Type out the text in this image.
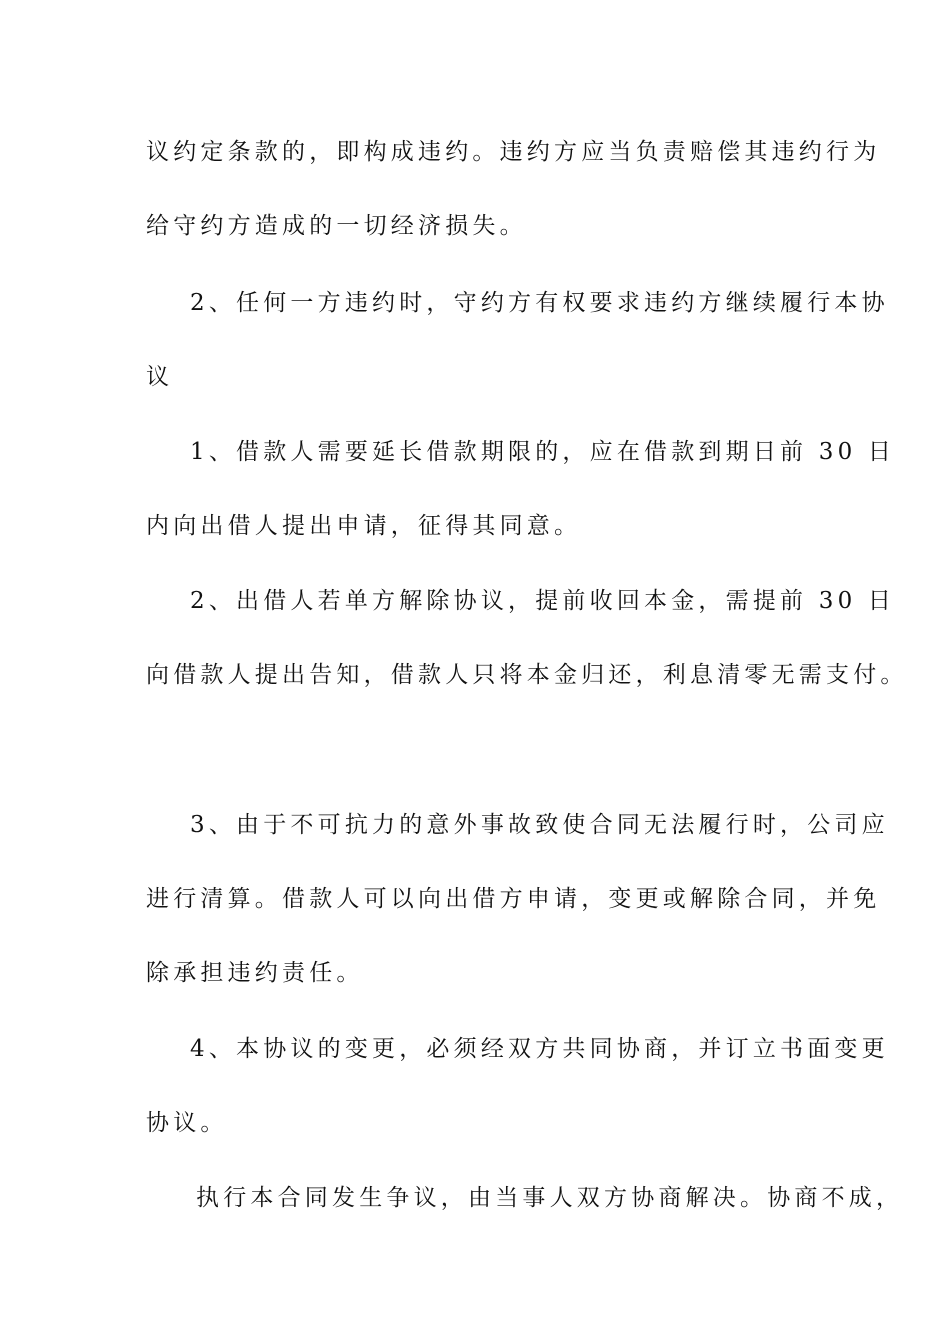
议约定条款的，即构成违约。违约方应当负责赔偿其违约行为
给守约方造成的一切经济损失。
2、任何一方违约时，守约方有权要求违约方继续履行本协
议
1、借款人需要延长借款期限的，应在借款到期日前 30 日
内向出借人提出申请，征得其同意。
2、出借人若单方解除协议，提前收回本金，需提前 30 日
向借款人提出告知，借款人只将本金归还，利息清零无需支付。
3、由于不可抗力的意外事故致使合同无法履行时，公司应
进行清算。借款人可以向出借方申请，变更或解除合同，并免
除承担违约责任。
4、本协议的变更，必须经双方共同协商，并订立书面变更
协议。
执行本合同发生争议，由当事人双方协商解决。协商不成，
